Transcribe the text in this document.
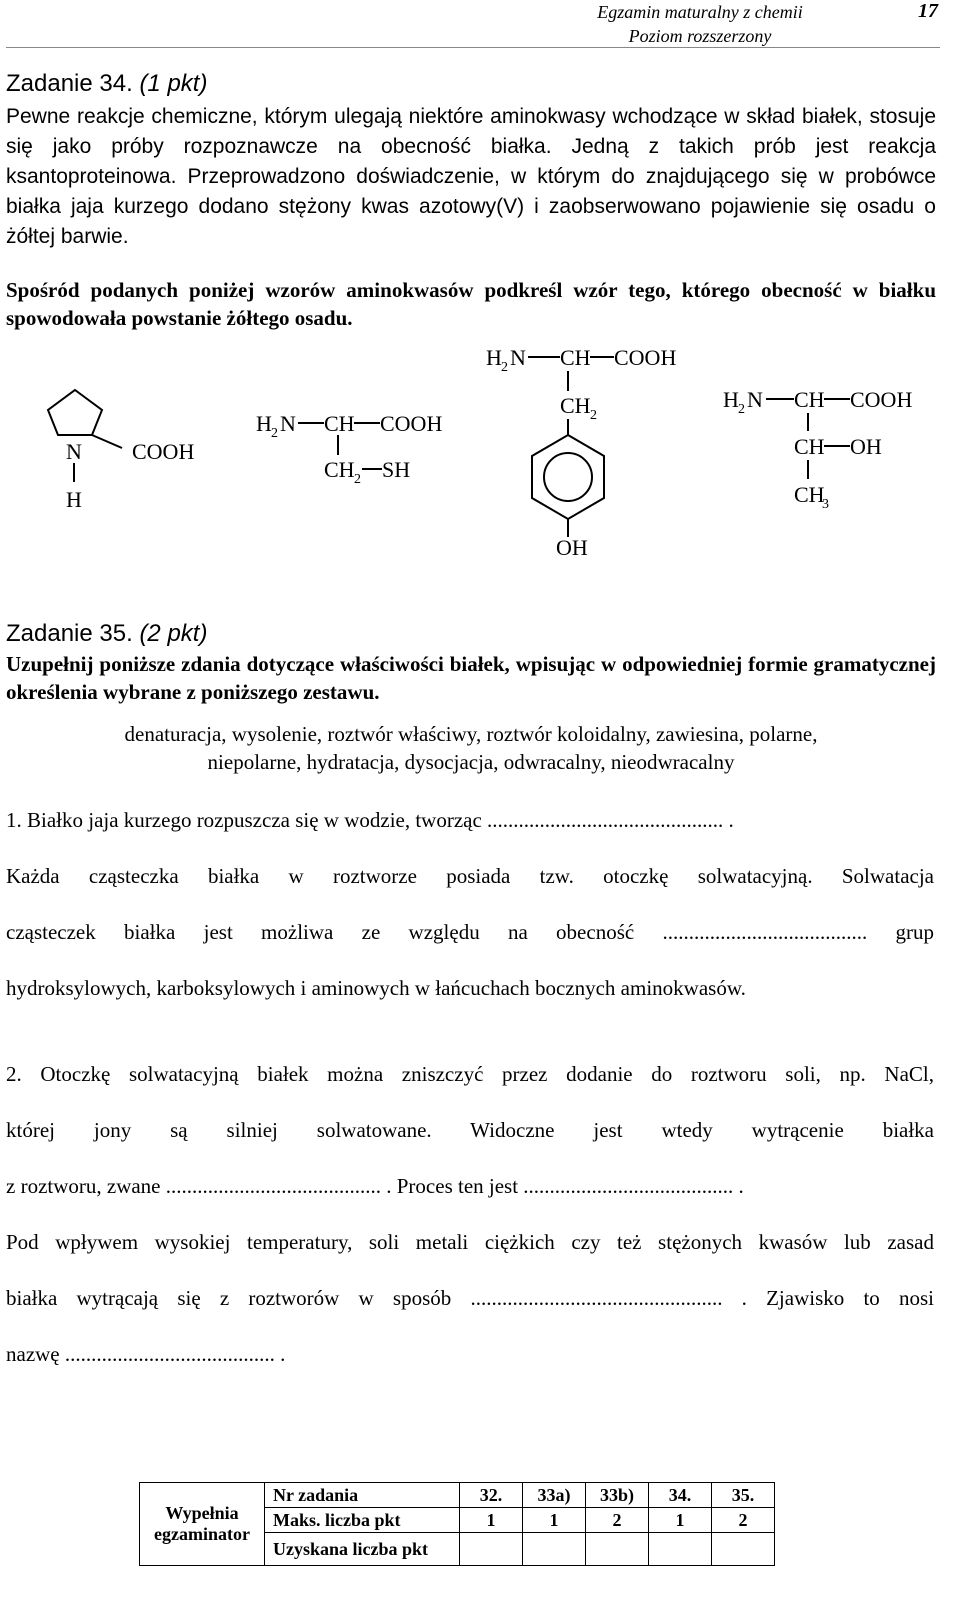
Egzamin maturalny z chemii
Poziom rozszerzony
17
Zadanie 34. (1 pkt)
Pewne reakcje chemiczne, którym ulegają niektóre aminokwasy wchodzące w skład białek, stosuje się jako próby rozpoznawcze na obecność białka. Jedną z takich prób jest reakcja ksantoproteinowa. Przeprowadzono doświadczenie, w którym do znajdującego się w probówce białka jaja kurzego dodano stężony kwas azotowy(V) i zaobserwowano pojawienie się osadu o żółtej barwie.
Spośród podanych poniżej wzorów aminokwasów podkreśl wzór tego, którego obecność w białku spowodowała powstanie żółtego osadu.
N
H
COOH
H 2 N CH COOH
CH 2 SH
H 2 N CH COOH
CH 2
OH
H 2 N CH COOH
CH OH
CH
3
Zadanie 35. (2 pkt)
Uzupełnij poniższe zdania dotyczące właściwości białek, wpisując w odpowiedniej formie gramatycznej określenia wybrane z poniższego zestawu.
denaturacja, wysolenie, roztwór właściwy, roztwór koloidalny, zawiesina, polarne,
niepolarne, hydratacja, dysocjacja, odwracalny, nieodwracalny
1. Białko jaja kurzego rozpuszcza się w wodzie, tworząc ............................................. .
Każda cząsteczka białka w roztworze posiada tzw. otoczkę solwatacyjną. Solwatacja
cząsteczek białka jest możliwa ze względu na obecność ....................................... grup
hydroksylowych, karboksylowych i aminowych w łańcuchach bocznych aminokwasów.
2. Otoczkę solwatacyjną białek można zniszczyć przez dodanie do roztworu soli, np. NaCl,
której jony są silniej solwatowane. Widoczne jest wtedy wytrącenie białka
z roztworu, zwane ......................................... . Proces ten jest ........................................ .
Pod wpływem wysokiej temperatury, soli metali ciężkich czy też stężonych kwasów lub zasad
białka wytrącają się z roztworów w sposób ................................................ . Zjawisko to nosi
nazwę ........................................ .
Wypełnia
egzaminator	Nr zadania	32.	33a)	33b)	34.	35.
	Maks. liczba pkt	1	1	2	1	2
	Uzyskana liczba pkt					
